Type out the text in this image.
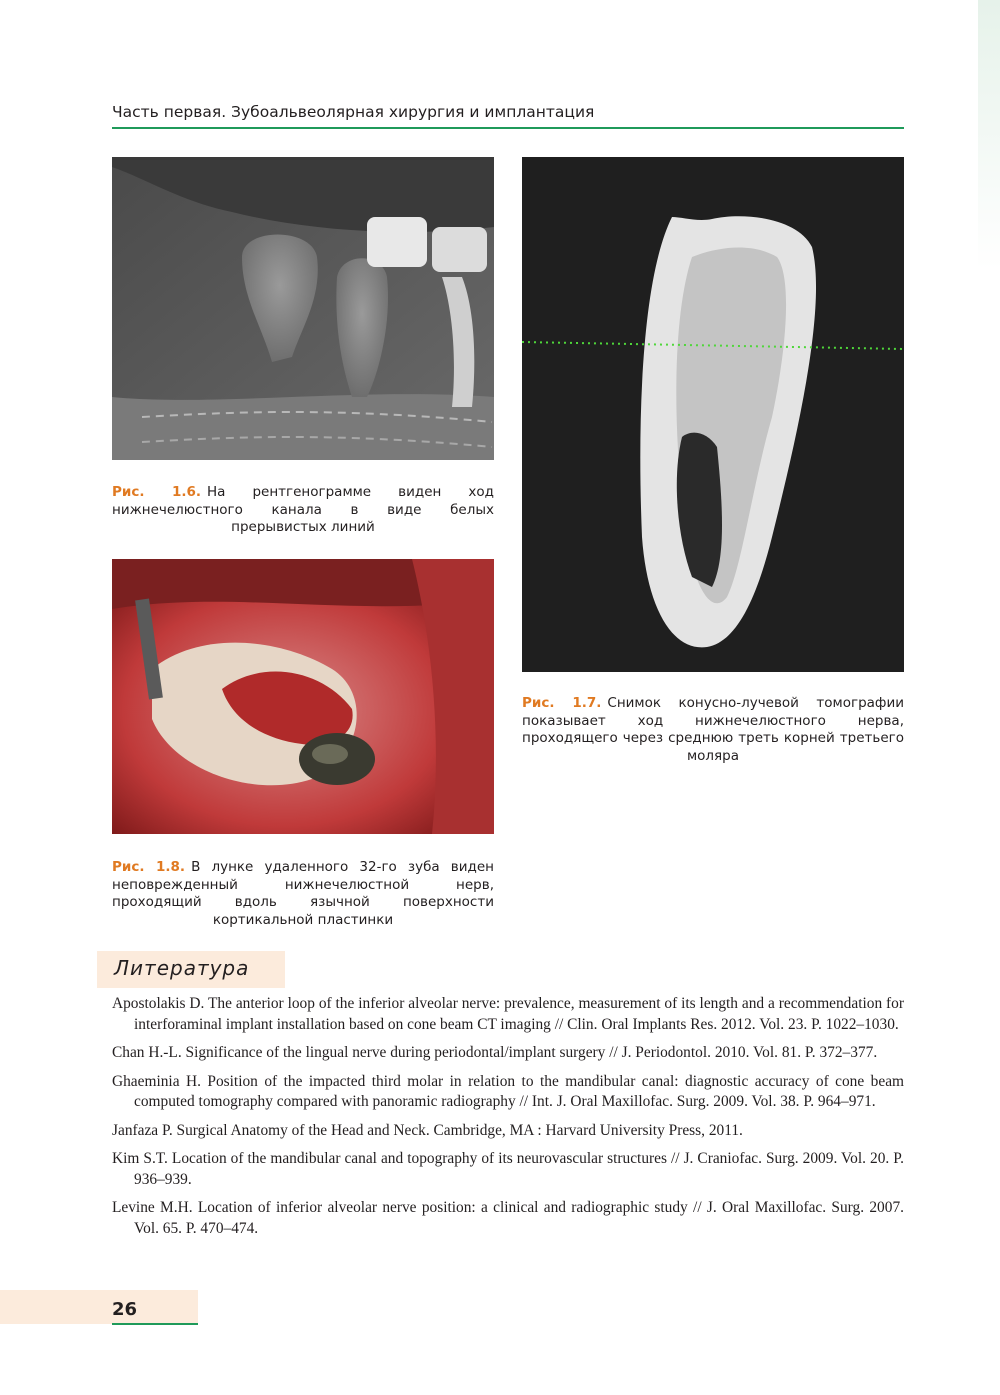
Часть первая. Зубоальвеолярная хирургия и имплантация
Рис. 1.6. На рентгенограмме виден ход нижнечелюстного канала в виде белых прерывистых линий
Рис. 1.7. Снимок конусно-лучевой томографии показывает ход нижнечелюстного нерва, проходящего через среднюю треть корней третьего моляра
Рис. 1.8. В лунке удаленного 32-го зуба виден неповрежденный нижнечелюстной нерв, проходящий вдоль язычной поверхности кортикальной пластинки
Литература
Apostolakis D. The anterior loop of the inferior alveolar nerve: prevalence, measurement of its length and a recommendation for interforaminal implant installation based on cone beam CT imaging // Clin. Oral Implants Res. 2012. Vol. 23. P. 1022–1030.
Chan H.-L. Significance of the lingual nerve during periodontal/implant surgery // J. Periodontol. 2010. Vol. 81. P. 372–377.
Ghaeminia H. Position of the impacted third molar in relation to the mandibular canal: diagnostic accuracy of cone beam computed tomography compared with panoramic radiography // Int. J. Oral Maxillofac. Surg. 2009. Vol. 38. P. 964–971.
Janfaza P. Surgical Anatomy of the Head and Neck. Cambridge, MA : Harvard University Press, 2011.
Kim S.T. Location of the mandibular canal and topography of its neurovascular structures // J. Craniofac. Surg. 2009. Vol. 20. P. 936–939.
Levine M.H. Location of inferior alveolar nerve position: a clinical and radiographic study // J. Oral Maxillofac. Surg. 2007. Vol. 65. P. 470–474.
26
